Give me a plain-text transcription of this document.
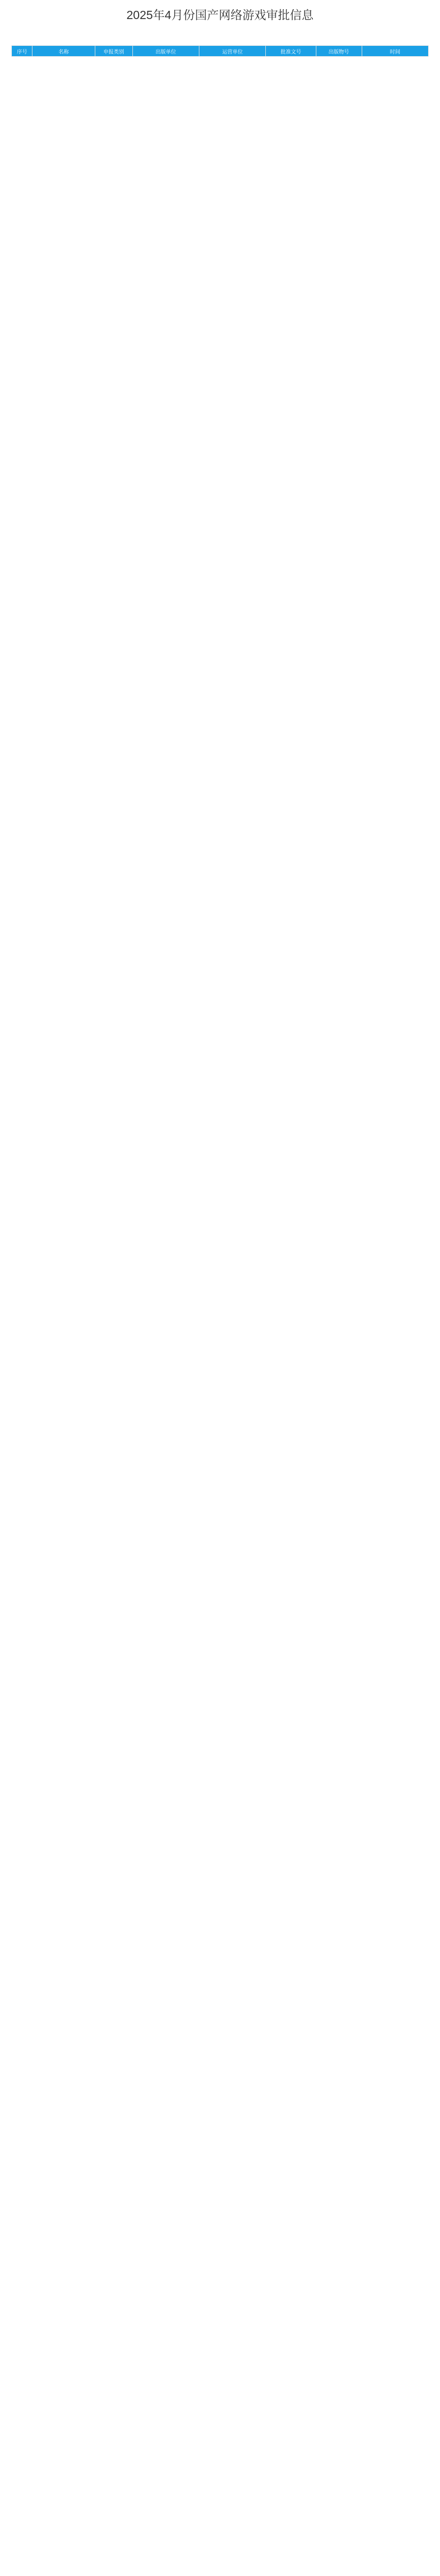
2025年4月份国产网络游戏审批信息
序号	名称	申报类别	出版单位	运营单位	批准文号	出版物号	时间
